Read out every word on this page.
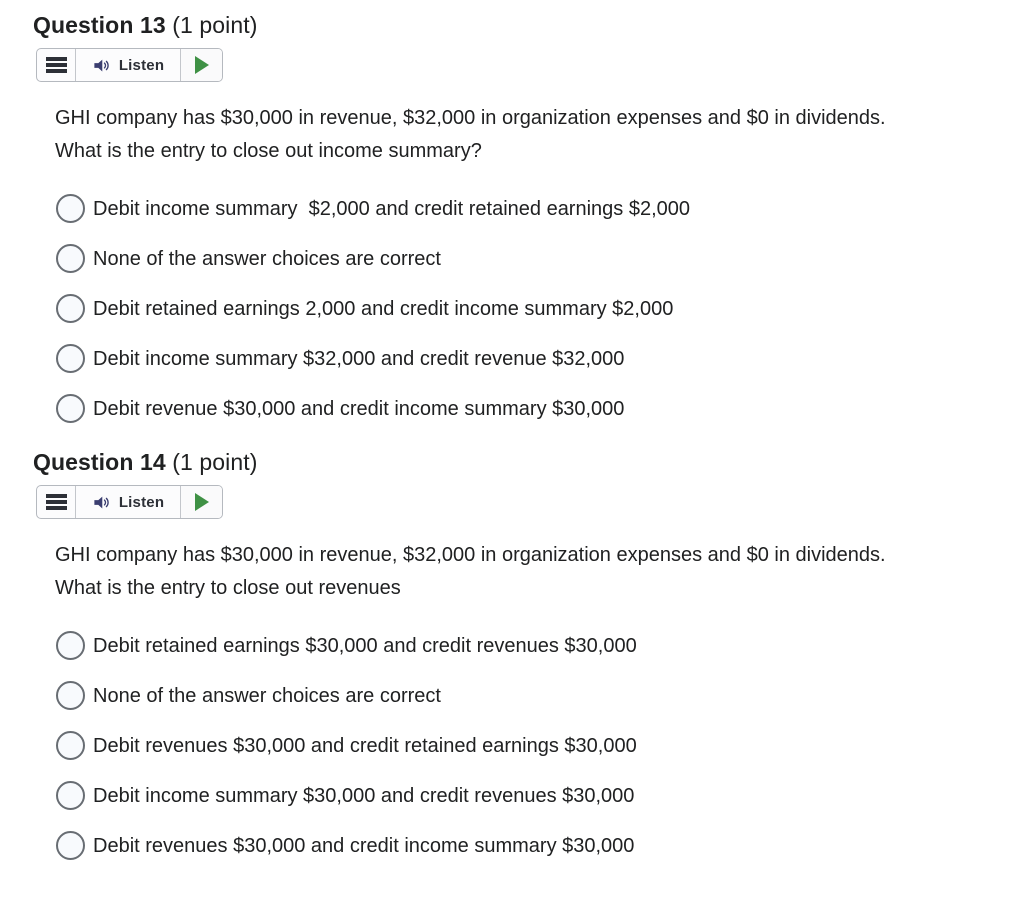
Question 13 (1 point)
Listen

GHI company has $30,000 in revenue, $32,000 in organization expenses and $0 in dividends. What is the entry to close out income summary?

Debit income summary  $2,000 and credit retained earnings $2,000
None of the answer choices are correct
Debit retained earnings 2,000 and credit income summary $2,000
Debit income summary $32,000 and credit revenue $32,000
Debit revenue $30,000 and credit income summary $30,000
Question 14 (1 point)
Listen

GHI company has $30,000 in revenue, $32,000 in organization expenses and $0 in dividends.  What is the entry to close out revenues

Debit retained earnings $30,000 and credit revenues $30,000
None of the answer choices are correct
Debit revenues $30,000 and credit retained earnings $30,000
Debit income summary $30,000 and credit revenues $30,000
Debit revenues $30,000 and credit income summary $30,000
